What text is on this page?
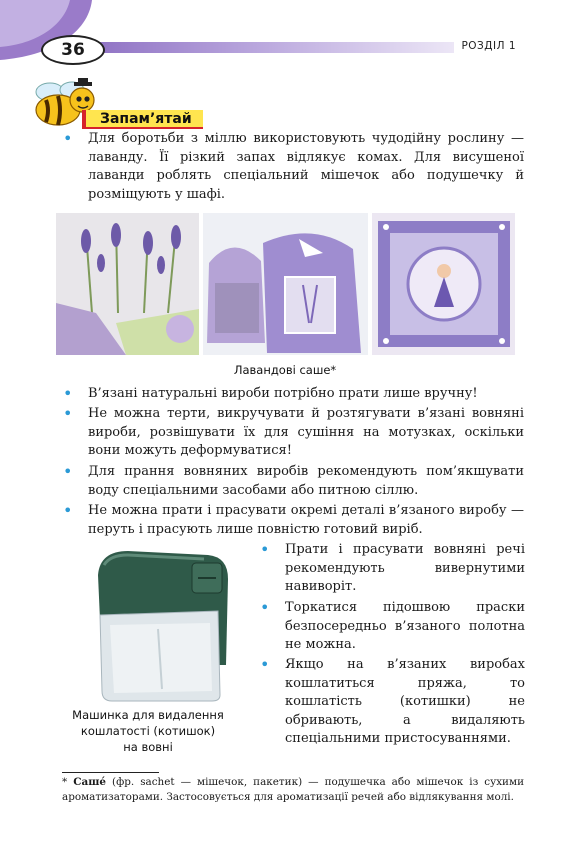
36	РОЗДІЛ 1
Запам’ятай
• Для боротьби з міллю використовують чудодійну рослину — лаванду. Її різкий запах відлякує комах. Для висушеної лаванди роблять спеціальний мішечок або подушечку й розміщують у шафі.
Лавандові саше*
• В’язані натуральні вироби потрібно прати лише вручну!
• Не можна терти, викручувати й розтягувати в’язані вовняні вироби, розвішувати їх для сушіння на мотузках, оскільки вони можуть деформуватися!
• Для прання вовняних виробів рекомендують пом’якшувати воду спеціальними засобами або питною сіллю.
• Не можна прати і прасувати окремі деталі в’язаного виробу — перуть і прасують лише повністю готовий виріб.
Машинка для видалення
кошлатості (котишок)
на вовні
• Прати і прасувати вовняні речі рекомендують вивернутими навиворіт.
• Торкатися підошвою праски безпосередньо в’язаного полотна не можна.
• Якщо на в’язаних виробах кошлатиться пряжа, то кошлатість (котишки) не обривають, а видаляють спеціальними пристосуваннями.
* Саше́ (фр. sachet — мішечок, пакетик) — подушечка або мішечок із сухими ароматизаторами. Застосовується для ароматизації речей або відлякування молі.
